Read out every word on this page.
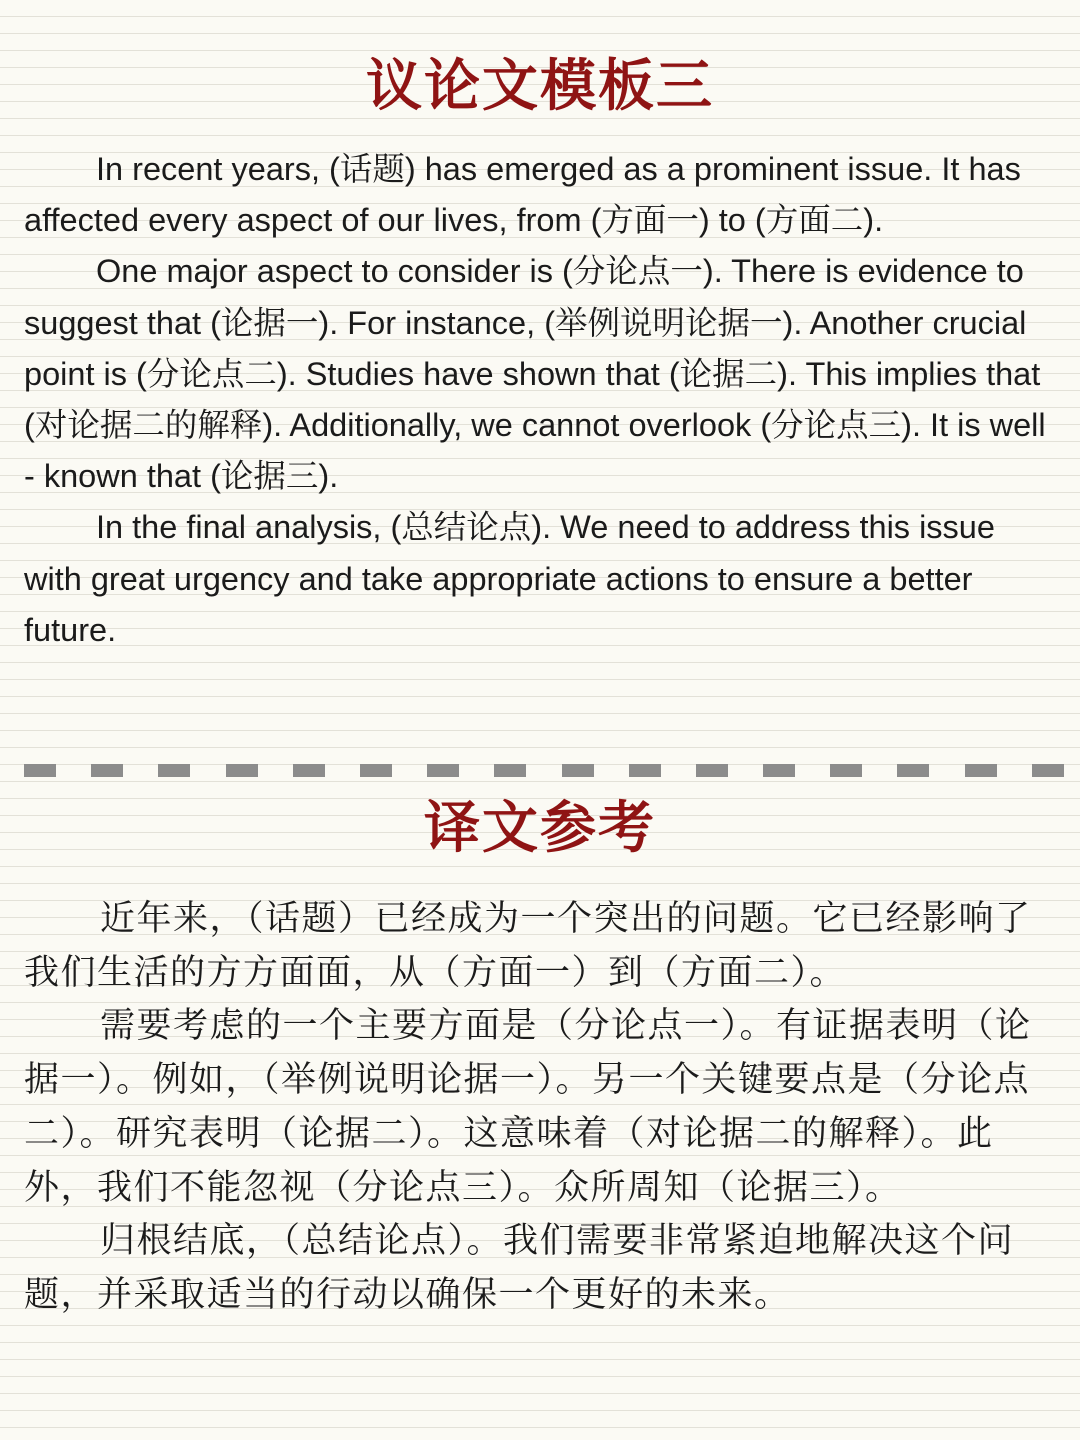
议论文模板三

In recent years, (话题) has emerged as a prominent issue. It has affected every aspect of our lives, from (方面一) to (方面二).

One major aspect to consider is (分论点一). There is evidence to suggest that (论据一). For instance, (举例说明论据一). Another crucial point is (分论点二). Studies have shown that (论据二). This implies that (对论据二的解释). Additionally, we cannot overlook (分论点三). It is well - known that (论据三).

In the final analysis, (总结论点). We need to address this issue with great urgency and take appropriate actions to ensure a better future.

译文参考

近年来，（话题）已经成为一个突出的问题。它已经影响了我们生活的方方面面，从（方面一）到（方面二）。

需要考虑的一个主要方面是（分论点一）。有证据表明（论据一）。例如，（举例说明论据一）。另一个关键要点是（分论点二）。研究表明（论据二）。这意味着（对论据二的解释）。此外，我们不能忽视（分论点三）。众所周知（论据三）。

归根结底，（总结论点）。我们需要非常紧迫地解决这个问题，并采取适当的行动以确保一个更好的未来。
